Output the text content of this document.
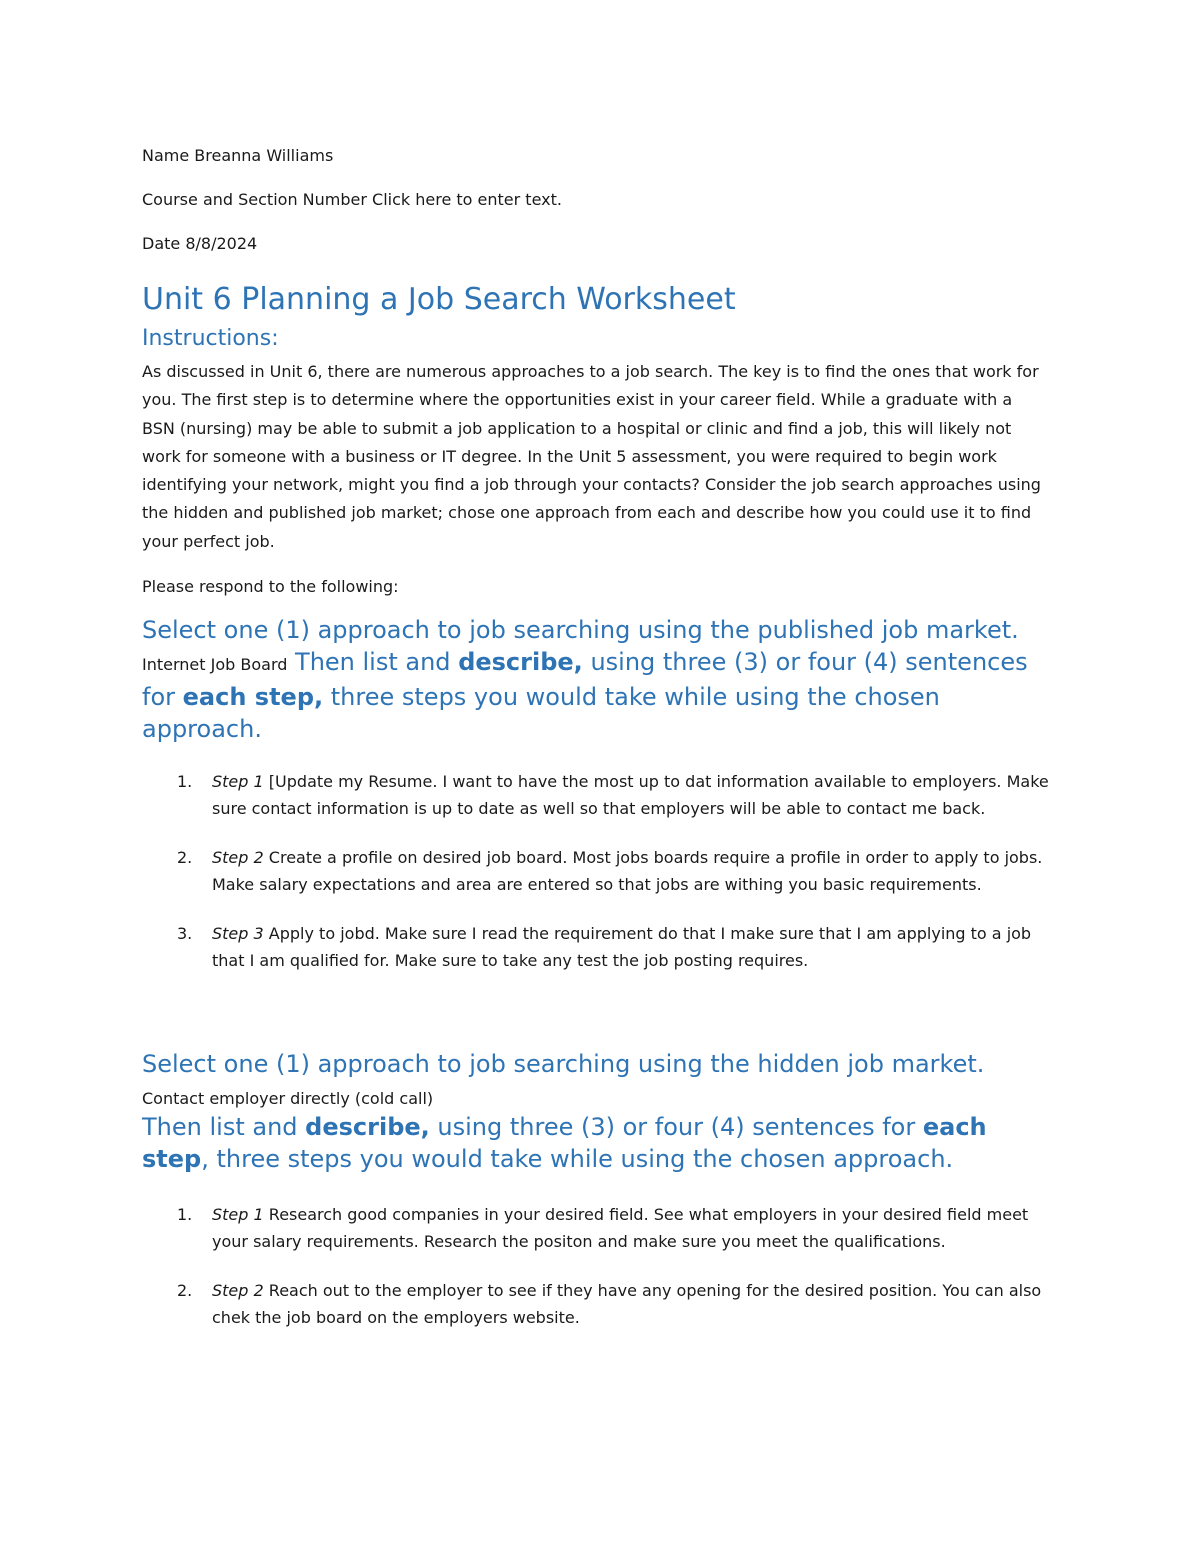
Name Breanna Williams

Course and Section Number Click here to enter text.

Date 8/8/2024

Unit 6 Planning a Job Search Worksheet
Instructions:

As discussed in Unit 6, there are numerous approaches to a job search. The key is to find the ones that work for you. The first step is to determine where the opportunities exist in your career field. While a graduate with a BSN (nursing) may be able to submit a job application to a hospital or clinic and find a job, this will likely not work for someone with a business or IT degree. In the Unit 5 assessment, you were required to begin work identifying your network, might you find a job through your contacts? Consider the job search approaches using the hidden and published job market; chose one approach from each and describe how you could use it to find your perfect job.

Please respond to the following:

Select one (1) approach to job searching using the published job market. Internet Job Board Then list and describe, using three (3) or four (4) sentences for each step, three steps you would take while using the chosen approach.

1. Step 1 [Update my Resume. I want to have the most up to dat information available to employers. Make sure contact information is up to date as well so that employers will be able to contact me back.
2. Step 2 Create a profile on desired job board. Most jobs boards require a profile in order to apply to jobs. Make salary expectations and area are entered so that jobs are withing you basic requirements.
3. Step 3 Apply to jobd. Make sure I read the requirement do that I make sure that I am applying to a job that I am qualified for. Make sure to take any test the job posting requires.

Select one (1) approach to job searching using the hidden job market.

Contact employer directly (cold call)

Then list and describe, using three (3) or four (4) sentences for each step, three steps you would take while using the chosen approach.

1. Step 1 Research good companies in your desired field. See what employers in your desired field meet your salary requirements. Research the positon and make sure you meet the qualifications.
2. Step 2 Reach out to the employer to see if they have any opening for the desired position. You can also chek the job board on the employers website.
